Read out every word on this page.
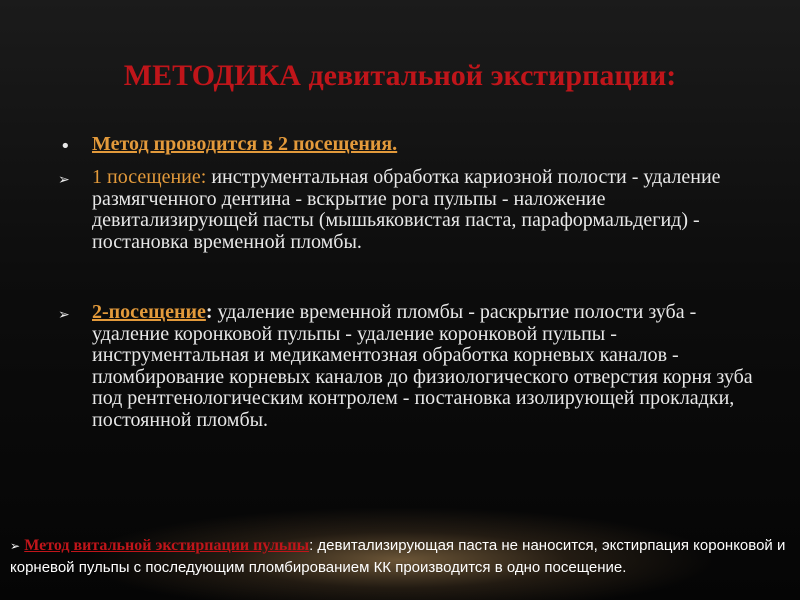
МЕТОДИКА девитальной экстирпации:
•	Метод проводится в 2 посещения.
➢	1 посещение: инструментальная обработка кариозной полости - удаление размягченного дентина - вскрытие рога пульпы - наложение девитализирующей пасты (мышьяковистая паста, параформальдегид) - постановка временной пломбы.
➢	2-посещение: удаление временной пломбы - раскрытие полости зуба - удаление коронковой пульпы - удаление коронковой пульпы - инструментальная и медикаментозная обработка корневых каналов - пломбирование корневых каналов до физиологического отверстия корня зуба под рентгенологическим контролем - постановка изолирующей прокладки, постоянной пломбы.
➢ Метод витальной экстирпации пульпы: девитализирующая паста не наносится, экстирпация коронковой и корневой пульпы с последующим пломбированием КК производится в одно посещение.
